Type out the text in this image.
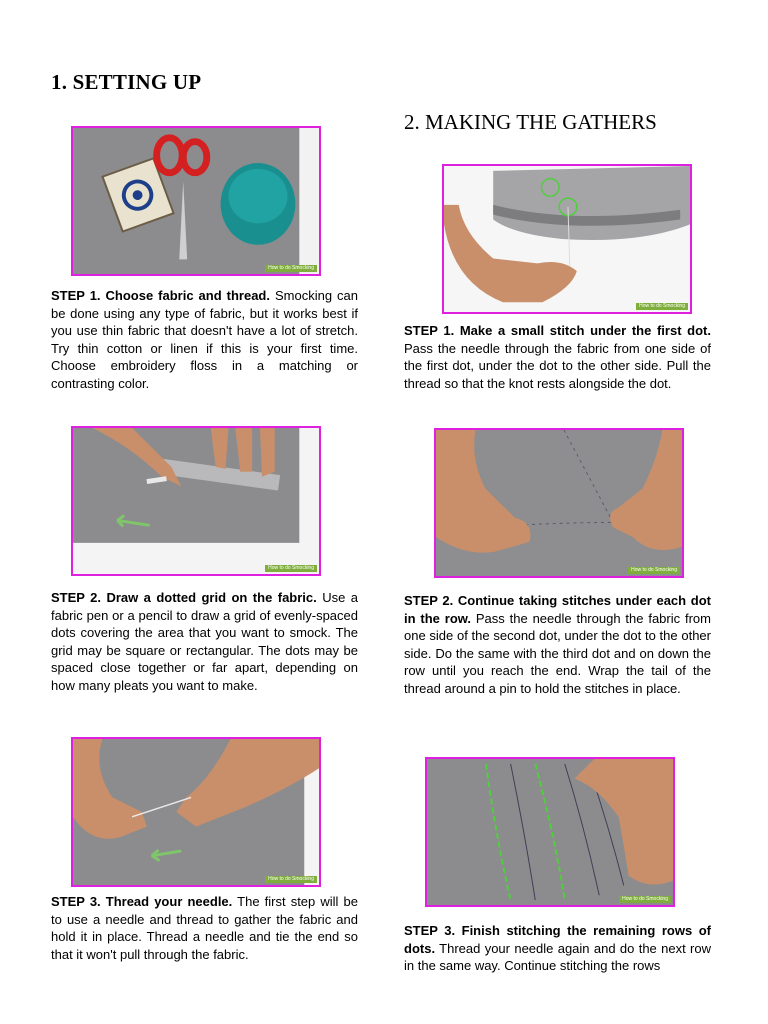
1. SETTING UP
2. MAKING THE GATHERS
How to do Smocking

STEP 1. Choose fabric and thread. Smocking can be done using any type of fabric, but it works best if you use thin fabric that doesn't have a lot of stretch. Try thin cotton or linen if this is your first time. Choose embroidery floss in a matching or contrasting color.

How to do Smocking

STEP 2. Draw a dotted grid on the fabric. Use a fabric pen or a pencil to draw a grid of evenly-spaced dots covering the area that you want to smock. The grid may be square or rectangular. The dots may be spaced close together or far apart, depending on how many pleats you want to make.

How to do Smocking

STEP 3. Thread your needle. The first step will be to use a needle and thread to gather the fabric and hold it in place. Thread a needle and tie the end so that it won't pull through the fabric.

How to do Smocking

STEP 1. Make a small stitch under the first dot. Pass the needle through the fabric from one side of the first dot, under the dot to the other side. Pull the thread so that the knot rests alongside the dot.

How to do Smocking

STEP 2. Continue taking stitches under each dot in the row. Pass the needle through the fabric from one side of the second dot, under the dot to the other side. Do the same with the third dot and on down the row until you reach the end. Wrap the tail of the thread around a pin to hold the stitches in place.

How to do Smocking

STEP 3. Finish stitching the remaining rows of dots. Thread your needle again and do the next row in the same way. Continue stitching the rows
